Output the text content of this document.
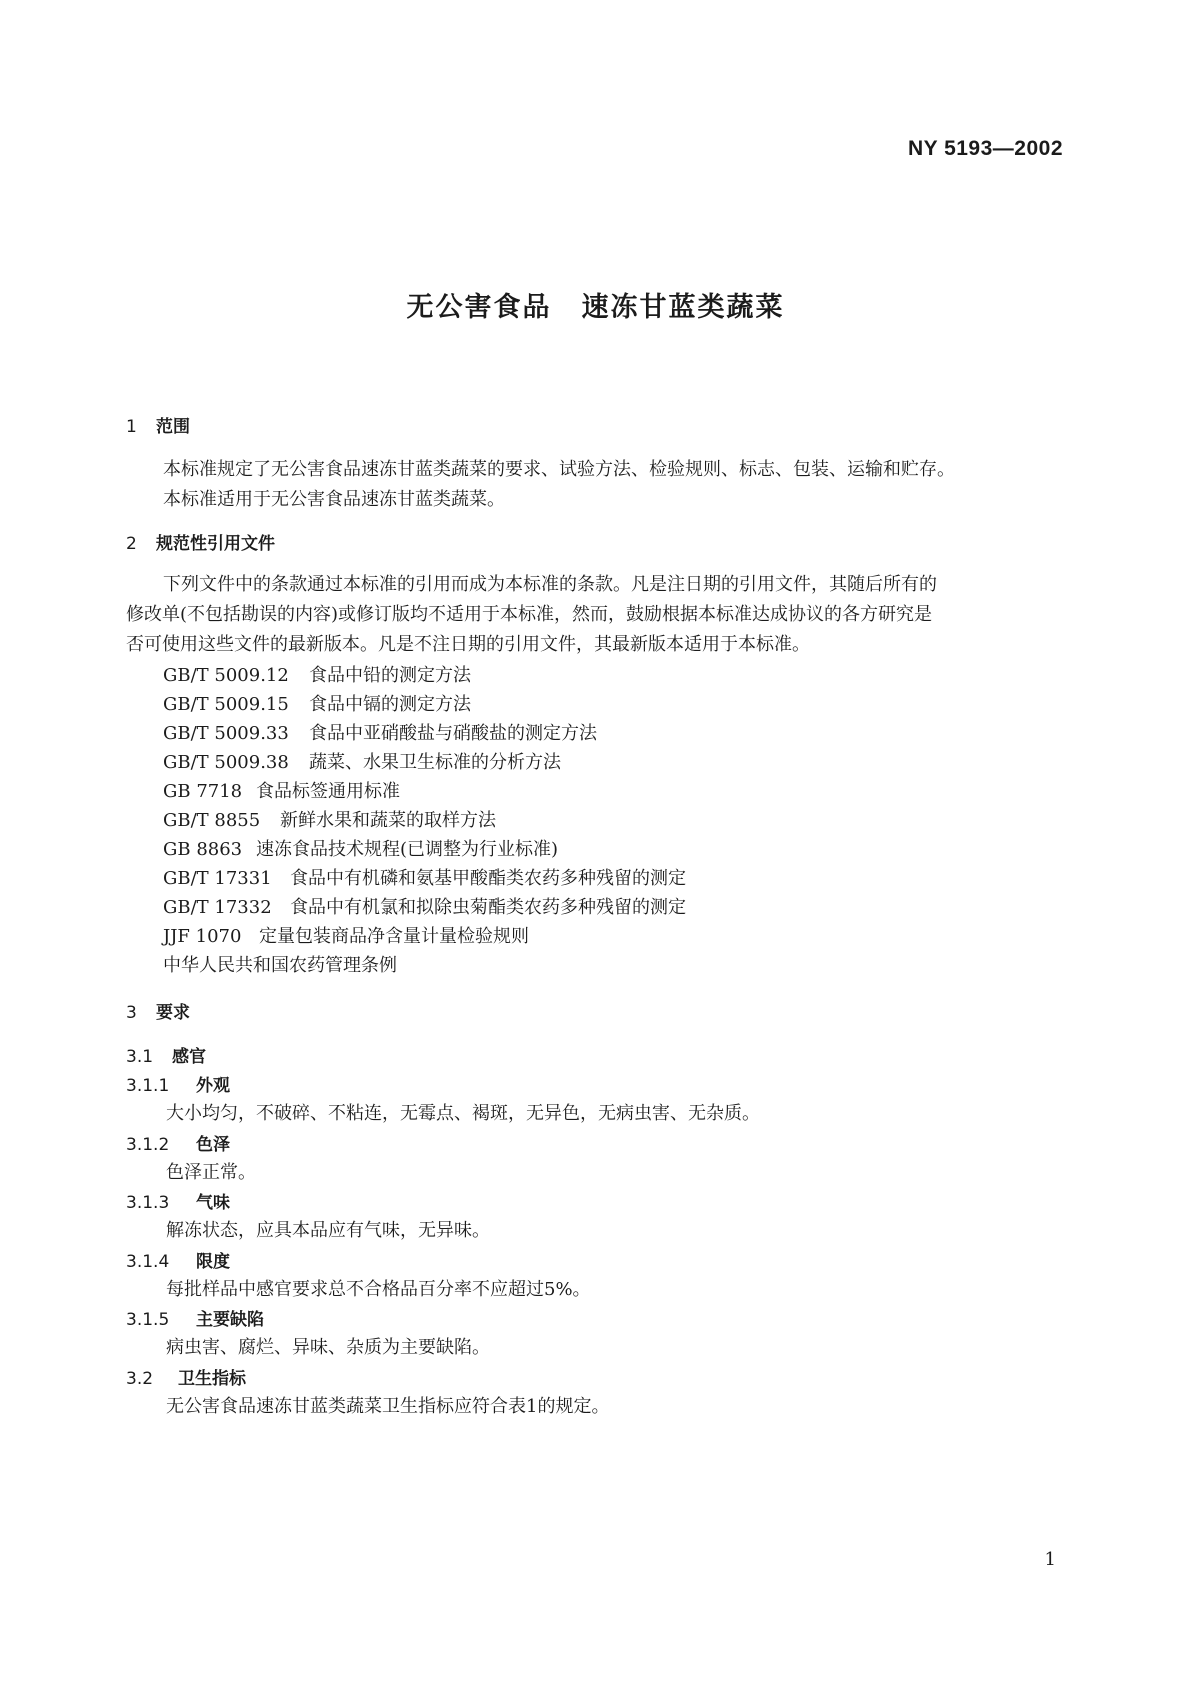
NY 5193—2002
无公害食品 速冻甘蓝类蔬菜
1 范围
本标准规定了无公害食品速冻甘蓝类蔬菜的要求、试验方法、检验规则、标志、包装、运输和贮存。
本标准适用于无公害食品速冻甘蓝类蔬菜。
2 规范性引用文件
下列文件中的条款通过本标准的引用而成为本标准的条款。凡是注日期的引用文件，其随后所有的
修改单(不包括勘误的内容)或修订版均不适用于本标准，然而，鼓励根据本标准达成协议的各方研究是
否可使用这些文件的最新版本。凡是不注日期的引用文件，其最新版本适用于本标准。
GB/T 5009.12 食品中铅的测定方法
GB/T 5009.15 食品中镉的测定方法
GB/T 5009.33 食品中亚硝酸盐与硝酸盐的测定方法
GB/T 5009.38 蔬菜、水果卫生标准的分析方法
GB 7718 食品标签通用标准
GB/T 8855 新鲜水果和蔬菜的取样方法
GB 8863 速冻食品技术规程(已调整为行业标准)
GB/T 17331 食品中有机磷和氨基甲酸酯类农药多种残留的测定
GB/T 17332 食品中有机氯和拟除虫菊酯类农药多种残留的测定
JJF 1070 定量包装商品净含量计量检验规则
中华人民共和国农药管理条例
3 要求
3.1 感官
3.1.1 外观
大小均匀，不破碎、不粘连，无霉点、褐斑，无异色，无病虫害、无杂质。
3.1.2 色泽
色泽正常。
3.1.3 气味
解冻状态，应具本品应有气味，无异味。
3.1.4 限度
每批样品中感官要求总不合格品百分率不应超过5%。
3.1.5 主要缺陷
病虫害、腐烂、异味、杂质为主要缺陷。
3.2 卫生指标
无公害食品速冻甘蓝类蔬菜卫生指标应符合表1的规定。
1
